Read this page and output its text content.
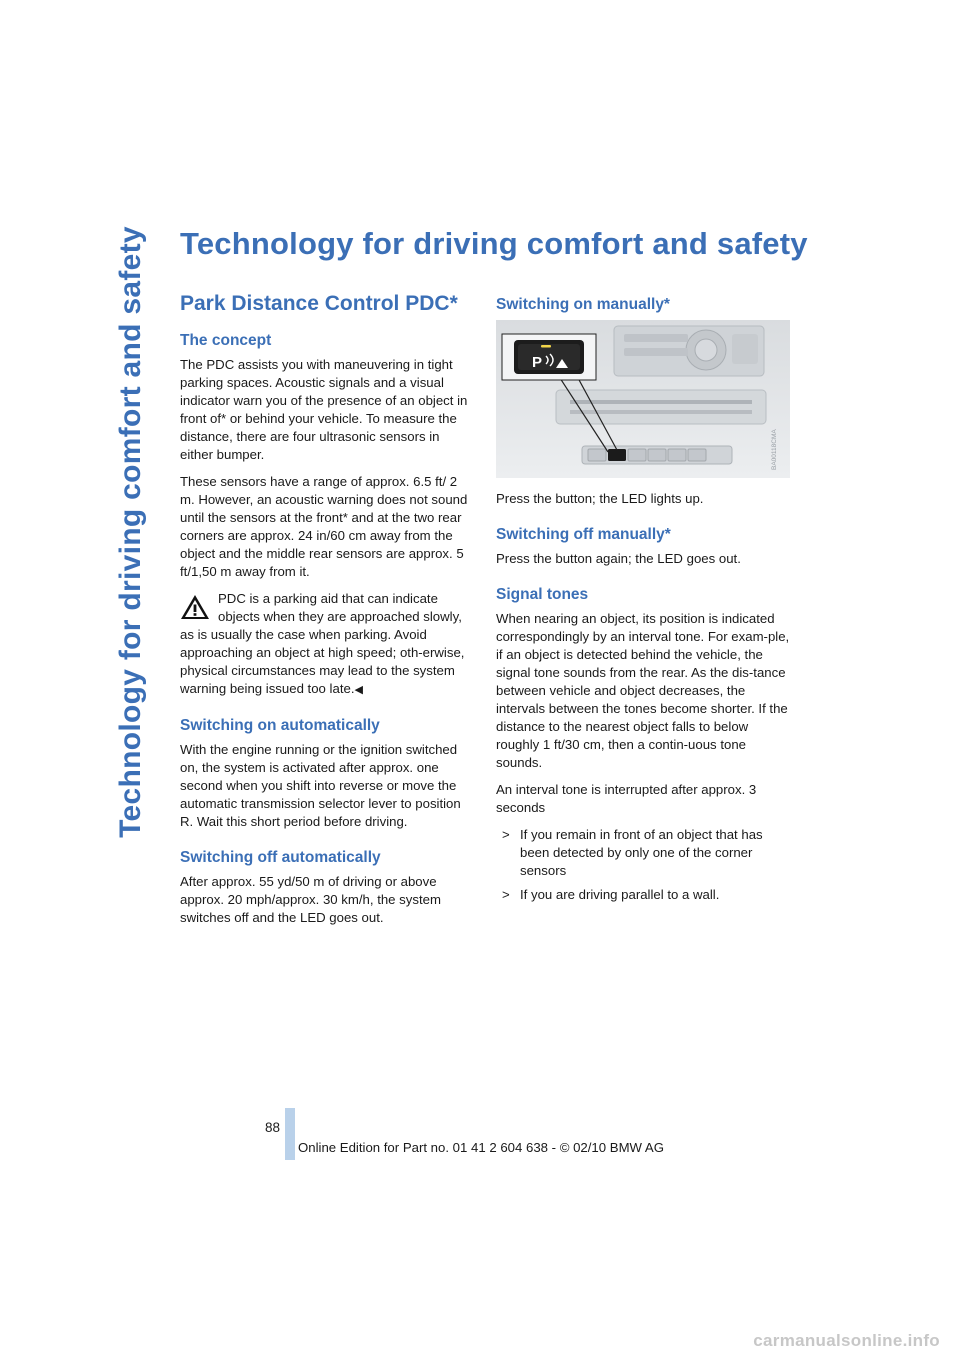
Technology for driving comfort and safety Technology for driving comfort and safety
Park Distance Control PDC*
The concept

The PDC assists you with maneuvering in tight parking spaces. Acoustic signals and a visual indicator warn you of the presence of an object in front of* or behind your vehicle. To measure the distance, there are four ultrasonic sensors in either bumper.

These sensors have a range of approx. 6.5 ft/ 2 m. However, an acoustic warning does not sound until the sensors at the front* and at the two rear corners are approx. 24 in/60 cm away from the object and the middle rear sensors are approx. 5 ft/1,50 m away from it.

PDC is a parking aid that can indicate objects when they are approached slowly, as is usually the case when parking. Avoid approaching an object at high speed; oth-erwise, physical circumstances may lead to the system warning being issued too late.◀

Switching on automatically

With the engine running or the ignition switched on, the system is activated after approx. one second when you shift into reverse or move the automatic transmission selector lever to position R. Wait this short period before driving.

Switching off automatically

After approx. 55 yd/50 m of driving or above approx. 20 mph/approx. 30 km/h, the system switches off and the LED goes out.

Switching on manually*
P
BA00118CMA

Press the button; the LED lights up.

Switching off manually*

Press the button again; the LED goes out.

Signal tones

When nearing an object, its position is indicated correspondingly by an interval tone. For exam-ple, if an object is detected behind the vehicle, the signal tone sounds from the rear. As the dis-tance between vehicle and object decreases, the intervals between the tones become shorter. If the distance to the nearest object falls to below roughly 1 ft/30 cm, then a contin-uous tone sounds.

An interval tone is interrupted after approx. 3 seconds

> If you remain in front of an object that has been detected by only one of the corner sensors
> If you are driving parallel to a wall.
88
Online Edition for Part no. 01 41 2 604 638 - © 02/10 BMW AG
carmanualsonline.info
